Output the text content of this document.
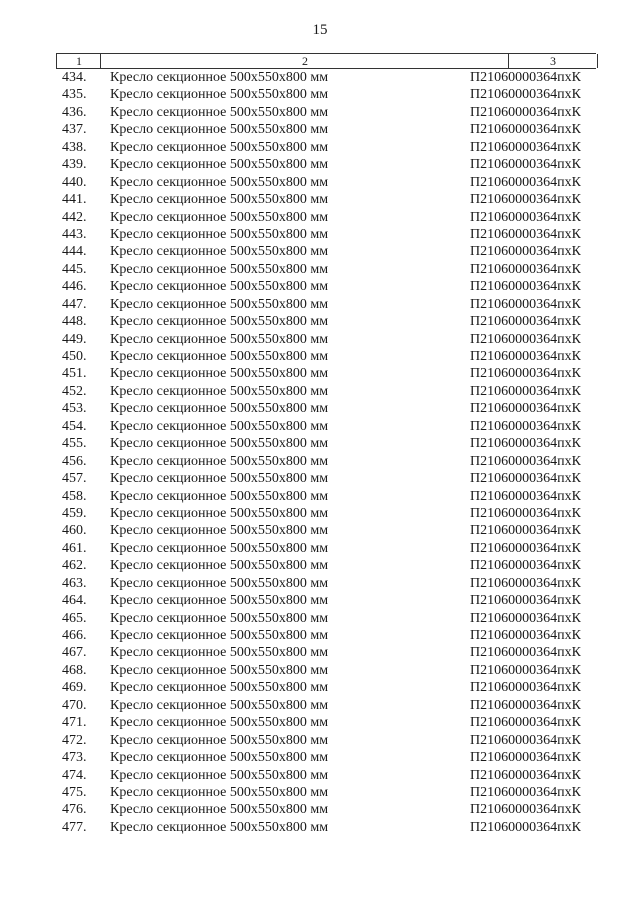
15
1	2	3
434. Кресло секционное 500x550x800 мм	П21060000364пхК
435. Кресло секционное 500x550x800 мм	П21060000364пхК
436. Кресло секционное 500x550x800 мм	П21060000364пхК
437. Кресло секционное 500x550x800 мм	П21060000364пхК
438. Кресло секционное 500x550x800 мм	П21060000364пхК
439. Кресло секционное 500x550x800 мм	П21060000364пхК
440. Кресло секционное 500x550x800 мм	П21060000364пхК
441. Кресло секционное 500x550x800 мм	П21060000364пхК
442. Кресло секционное 500x550x800 мм	П21060000364пхК
443. Кресло секционное 500x550x800 мм	П21060000364пхК
444. Кресло секционное 500x550x800 мм	П21060000364пхК
445. Кресло секционное 500x550x800 мм	П21060000364пхК
446. Кресло секционное 500x550x800 мм	П21060000364пхК
447. Кресло секционное 500x550x800 мм	П21060000364пхК
448. Кресло секционное 500x550x800 мм	П21060000364пхК
449. Кресло секционное 500x550x800 мм	П21060000364пхК
450. Кресло секционное 500x550x800 мм	П21060000364пхК
451. Кресло секционное 500x550x800 мм	П21060000364пхК
452. Кресло секционное 500x550x800 мм	П21060000364пхК
453. Кресло секционное 500x550x800 мм	П21060000364пхК
454. Кресло секционное 500x550x800 мм	П21060000364пхК
455. Кресло секционное 500x550x800 мм	П21060000364пхК
456. Кресло секционное 500x550x800 мм	П21060000364пхК
457. Кресло секционное 500x550x800 мм	П21060000364пхК
458. Кресло секционное 500x550x800 мм	П21060000364пхК
459. Кресло секционное 500x550x800 мм	П21060000364пхК
460. Кресло секционное 500x550x800 мм	П21060000364пхК
461. Кресло секционное 500x550x800 мм	П21060000364пхК
462. Кресло секционное 500x550x800 мм	П21060000364пхК
463. Кресло секционное 500x550x800 мм	П21060000364пхК
464. Кресло секционное 500x550x800 мм	П21060000364пхК
465. Кресло секционное 500x550x800 мм	П21060000364пхК
466. Кресло секционное 500x550x800 мм	П21060000364пхК
467. Кресло секционное 500x550x800 мм	П21060000364пхК
468. Кресло секционное 500x550x800 мм	П21060000364пхК
469. Кресло секционное 500x550x800 мм	П21060000364пхК
470. Кресло секционное 500x550x800 мм	П21060000364пхК
471. Кресло секционное 500x550x800 мм	П21060000364пхК
472. Кресло секционное 500x550x800 мм	П21060000364пхК
473. Кресло секционное 500x550x800 мм	П21060000364пхК
474. Кресло секционное 500x550x800 мм	П21060000364пхК
475. Кресло секционное 500x550x800 мм	П21060000364пхК
476. Кресло секционное 500x550x800 мм	П21060000364пхК
477. Кресло секционное 500x550x800 мм	П21060000364пхК
